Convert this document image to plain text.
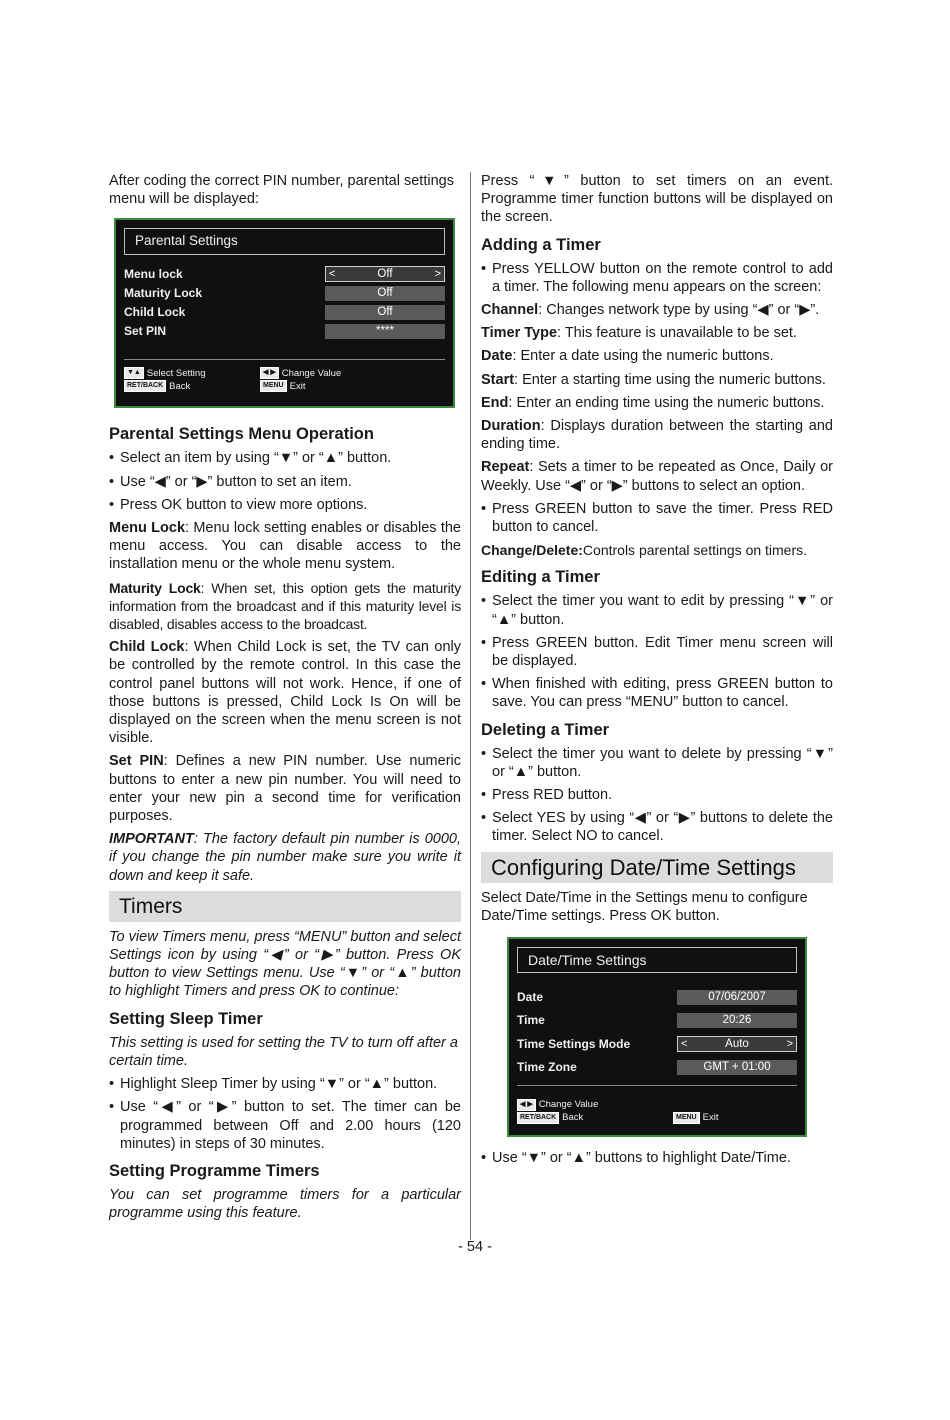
After coding the correct PIN number, parental settings menu will be displayed:

Parental Settings
Menu lock	<	Off	>
Maturity Lock	Off
Child Lock	Off
Set PIN	****
▼▲ Select Setting
RET/BACK Back
◀ ▶ Change Value
MENU Exit
Parental Settings Menu Operation
• Select an item by using “▼” or “▲” button.
• Use “◀” or “▶” button to set an item.
• Press OK button to view more options.

Menu Lock: Menu lock setting enables or disables the menu access. You can disable access to the installation menu or the whole menu system.

Maturity Lock: When set, this option gets the maturity information from the broadcast and if this maturity level is disabled, disables access to the broadcast.

Child Lock: When Child Lock is set, the TV can only be controlled by the remote control. In this case the control panel buttons will not work. Hence, if one of those buttons is pressed, Child Lock Is On will be displayed on the screen when the menu screen is not visible.

Set PIN: Defines a new PIN number. Use numeric buttons to enter a new pin number. You will need to enter your new pin a second time for verification purposes.

IMPORTANT: The factory default pin number is 0000, if you change the pin number make sure you write it down and keep it safe.

Timers

To view Timers menu, press “MENU” button and select Settings icon by using “◀” or “▶” button. Press OK button to view Settings menu. Use “▼” or “▲” button to highlight Timers and press OK to continue:

Setting Sleep Timer

This setting is used for setting the TV to turn off after a certain time.

• Highlight Sleep Timer by using “▼” or “▲” button.
• Use “◀” or “▶” button to set. The timer can be programmed between Off and 2.00 hours (120 minutes) in steps of 30 minutes.
Setting Programme Timers

You can set programme timers for a particular programme using this feature.

Press “▼” button to set timers on an event. Programme timer function buttons will be displayed on the screen.

Adding a Timer
• Press YELLOW button on the remote control to add a timer. The following menu appears on the screen:

Channel: Changes network type by using “◀” or “▶”.

Timer Type: This feature is unavailable to be set.

Date: Enter a date using the numeric buttons.

Start: Enter a starting time using the numeric buttons.

End: Enter an ending time using the numeric buttons.

Duration: Displays duration between the starting and ending time.

Repeat: Sets a timer to be repeated as Once, Daily or Weekly. Use “◀” or “▶” buttons to select an option.

• Press GREEN button to save the timer. Press RED button to cancel.

Change/Delete:Controls parental settings on timers.

Editing a Timer
• Select the timer you want to edit by pressing “▼” or “▲” button.
• Press GREEN button. Edit Timer menu screen will be displayed.
• When finished with editing, press GREEN button to save. You can press “MENU” button to cancel.
Deleting a Timer
• Select the timer you want to delete by pressing “▼” or “▲” button.
• Press RED button.
• Select YES by using “◀” or “▶” buttons to delete the timer. Select NO to cancel.
Configuring Date/Time Settings

Select Date/Time in the Settings menu to configure Date/Time settings. Press OK button.

Date/Time Settings
Date	07/06/2007
Time	20:26
Time Settings Mode	<	Auto	>
Time Zone	GMT + 01:00
◀ ▶ Change Value
RET/BACK Back	MENU Exit
• Use “▼” or “▲” buttons to highlight Date/Time.
- 54 -
